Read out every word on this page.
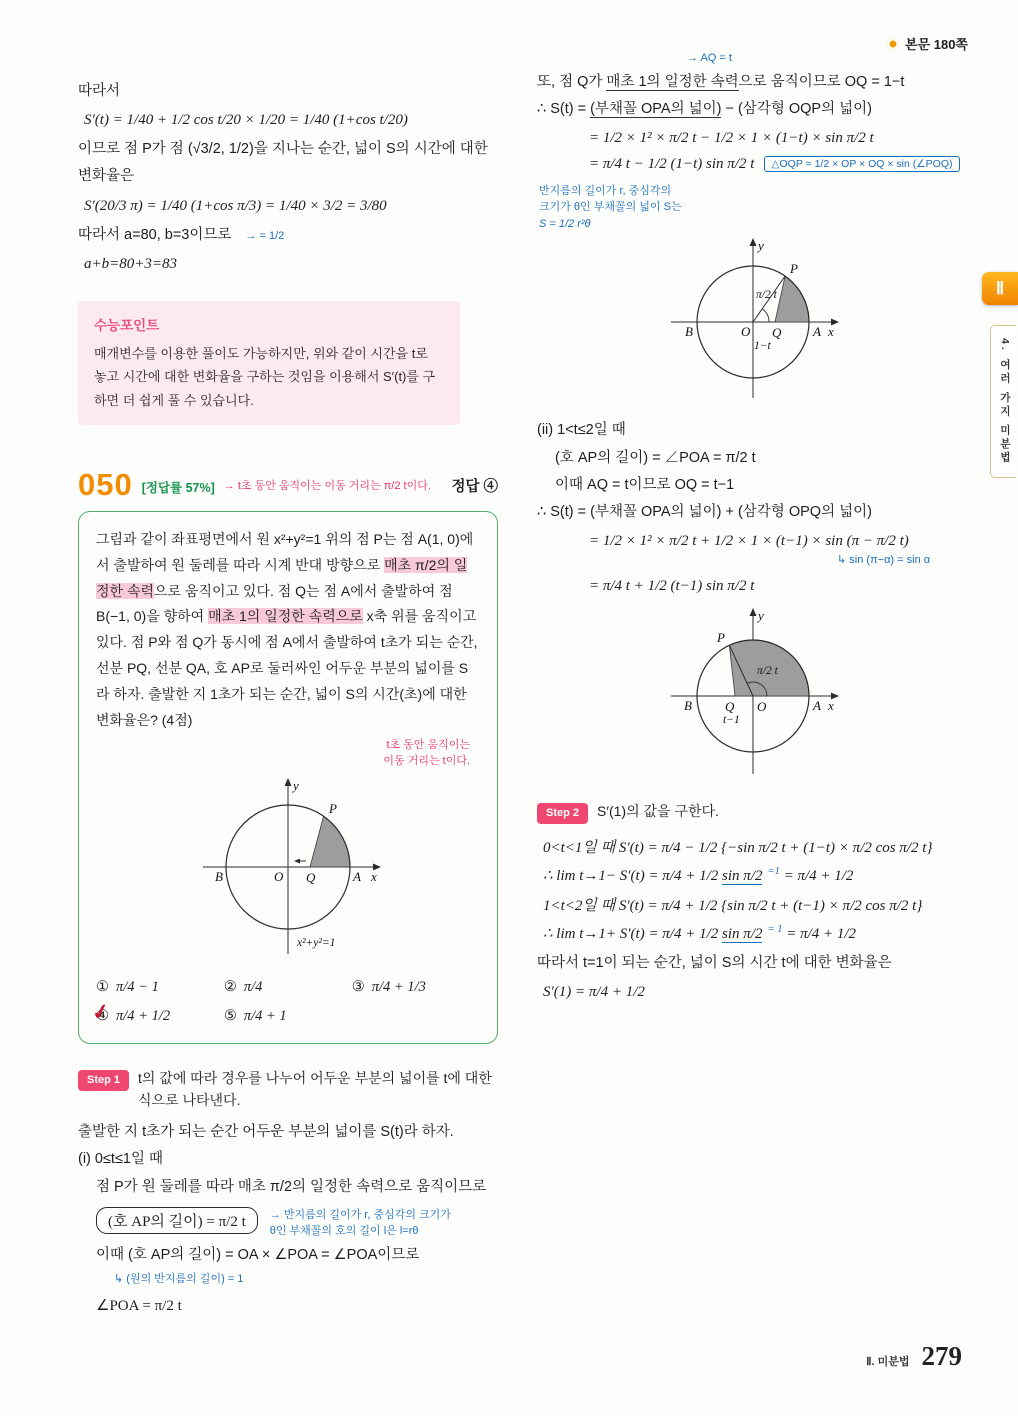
본문 180쪽

따라서

S′(t) = 1/40 + 1/2 cos t/20 × 1/20 = 1/40 (1+cos t/20)

이므로 점 P가 점 (√3/2, 1/2)을 지나는 순간, 넓이 S의 시간에 대한

변화율은

S′(20/3 π) = 1/40 (1+cos π/3) = 1/40 × 3/2 = 3/80

따라서 a=80, b=3이므로	→ = 1/2

a+b=80+3=83

수능포인트
매개변수를 이용한 풀이도 가능하지만, 위와 같이 시간을 t로 놓고 시간에 대한 변화율을 구하는 것임을 이용해서 S′(t)를 구하면 더 쉽게 풀 수 있습니다.
050 [정답률 57%]	→ t초 동안 움직이는 이동 거리는 π/2 t이다. 정답 ④

그림과 같이 좌표평면에서 원 x²+y²=1 위의 점 P는 점 A(1, 0)에서 출발하여 원 둘레를 따라 시계 반대 방향으로 매초 π/2의 일정한 속력으로 움직이고 있다. 점 Q는 점 A에서 출발하여 점 B(−1, 0)을 향하여 매초 1의 일정한 속력으로 x축 위를 움직이고 있다. 점 P와 점 Q가 동시에 점 A에서 출발하여 t초가 되는 순간, 선분 PQ, 선분 QA, 호 AP로 둘러싸인 어두운 부분의 넓이를 S라 하자. 출발한 지 1초가 되는 순간, 넓이 S의 시간(초)에 대한 변화율은? (4점)

t초 동안 움직이는
이동 거리는 t이다.
y
x
P
B	O Q	A
x²+y²=1
① π/4 − 1	② π/4	③ π/4 + 1/3
④ ✓ π/4 + 1/2	⑤ π/4 + 1
Step 1	t의 값에 따라 경우를 나누어 어두운 부분의 넓이를 t에 대한 식으로 나타낸다.

출발한 지 t초가 되는 순간 어두운 부분의 넓이를 S(t)라 하자.

(i) 0≤t≤1일 때

점 P가 원 둘레를 따라 매초 π/2의 일정한 속력으로 움직이므로

(호 AP의 길이) = π/2 t	→ 반지름의 길이가 r, 중심각의 크기가
θ인 부채꼴의 호의 길이 l은 l=rθ

이때 (호 AP의 길이) = OA × ∠POA = ∠POA이므로

↳ (원의 반지름의 길이) = 1

∠POA = π/2 t

→ AQ = t

또, 점 Q가 매초 1의 일정한 속력으로 움직이므로 OQ = 1−t

∴ S(t) = (부채꼴 OPA의 넓이) − (삼각형 OQP의 넓이)

= 1/2 × 1² × π/2 t − 1/2 × 1 × (1−t) × sin π/2 t

= π/4 t − 1/2 (1−t) sin π/2 t	△OQP = 1/2 × OP × OQ × sin (∠POQ)
반지름의 길이가 r, 중심각의
크기가 θ인 부채꼴의 넓이 S는
S = 1/2 r²θ
y
x
P
B	O Q A
π/2 t
1−t

(ii) 1<t≤2일 때

(호 AP의 길이) = ∠POA = π/2 t

이때 AQ = t이므로 OQ = t−1

∴ S(t) = (부채꼴 OPA의 넓이) + (삼각형 OPQ의 넓이)

= 1/2 × 1² × π/2 t + 1/2 × 1 × (t−1) × sin (π − π/2 t)

↳ sin (π−α) = sin α

= π/4 t + 1/2 (t−1) sin π/2 t

y
x
P
B	Q O	A
π/2 t
t−1
Step 2	S′(1)의 값을 구한다.

0<t<1일 때 S′(t) = π/4 − 1/2 {−sin π/2 t + (1−t) × π/2 cos π/2 t}

∴ lim t→1− S′(t) = π/4 + 1/2 sin π/2 $^{=1}$ = π/4 + 1/2

1<t<2일 때 S′(t) = π/4 + 1/2 {sin π/2 t + (t−1) × π/2 cos π/2 t}

∴ lim t→1+ S′(t) = π/4 + 1/2 sin π/2 $^{= 1}$ = π/4 + 1/2

따라서 t=1이 되는 순간, 넓이 S의 시간 t에 대한 변화율은

S′(1) = π/4 + 1/2

Ⅱ
4. 여러 가지 미분법
Ⅱ. 미분법 279
